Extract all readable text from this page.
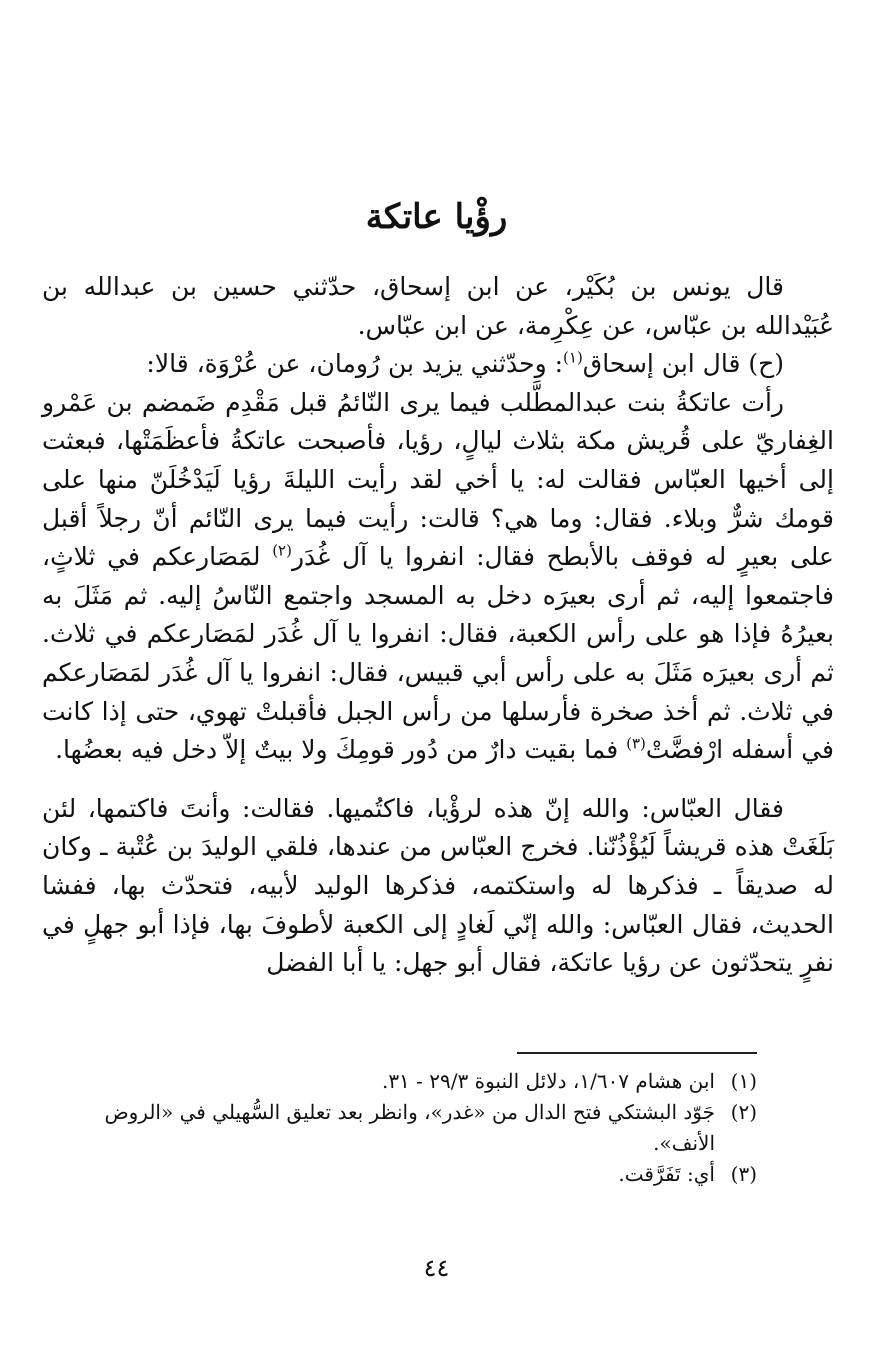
رؤْيا عاتكة

قال يونس بن بُكَيْر، عن ابن إسحاق، حدّثني حسين بن عبدالله بن عُبَيْدالله بن عبّاس، عن عِكْرِمة، عن ابن عبّاس.

(ح) قال ابن إسحاق$^{(١)}$: وحدّثني يزيد بن رُومان، عن عُرْوَة، قالا:

رأت عاتكةُ بنت عبدالمطَّلب فيما يرى النّائمُ قبل مَقْدِم ضَمضم بن عَمْرو الغِفاريّ على قُريش مكة بثلاث ليالٍ، رؤيا، فأصبحت عاتكةُ فأعظَمَتْها، فبعثت إلى أخيها العبّاس فقالت له: يا أخي لقد رأيت الليلةَ رؤيا لَيَدْخُلَنّ منها على قومك شرٌّ وبلاء. فقال: وما هي؟ قالت: رأيت فيما يرى النّائم أنّ رجلاً أقبل على بعيرٍ له فوقف بالأبطح فقال: انفروا يا آل غُدَر$^{(٢)}$ لمَصَارعكم في ثلاثٍ، فاجتمعوا إليه، ثم أرى بعيرَه دخل به المسجد واجتمع النّاسُ إليه. ثم مَثَلَ به بعيرُهُ فإذا هو على رأس الكعبة، فقال: انفروا يا آل غُدَر لمَصَارعكم في ثلاث. ثم أرى بعيرَه مَثَلَ به على رأس أبي قبيس، فقال: انفروا يا آل غُدَر لمَصَارعكم في ثلاث. ثم أخذ صخرة فأرسلها من رأس الجبل فأقبلتْ تهوي، حتى إذا كانت في أسفله ارْفضَّتْ$^{(٣)}$ فما بقيت دارٌ من دُور قومِكَ ولا بيتٌ إلاّ دخل فيه بعضُها.

فقال العبّاس: والله إنّ هذه لرؤْيا، فاكتُميها. فقالت: وأنتَ فاكتمها، لئن بَلَغَتْ هذه قريشاً لَيُؤْذُنّنا. فخرج العبّاس من عندها، فلقي الوليدَ بن عُتْبة ـ وكان له صديقاً ـ فذكرها له واستكتمه، فذكرها الوليد لأبيه، فتحدّث بها، ففشا الحديث، فقال العبّاس: والله إنّي لَغادٍ إلى الكعبة لأطوفَ بها، فإذا أبو جهلٍ في نفرٍ يتحدّثون عن رؤيا عاتكة، فقال أبو جهل: يا أبا الفضل

(١)
ابن هشام ١/٦٠٧، دلائل النبوة ٢٩/٣ - ٣١.
(٢)
جَوّد البشتكي فتح الدال من «غدر»، وانظر بعد تعليق السُّهيلي في «الروض الأنف».
(٣)
أي: تَفَرَّقت.
٤٤
